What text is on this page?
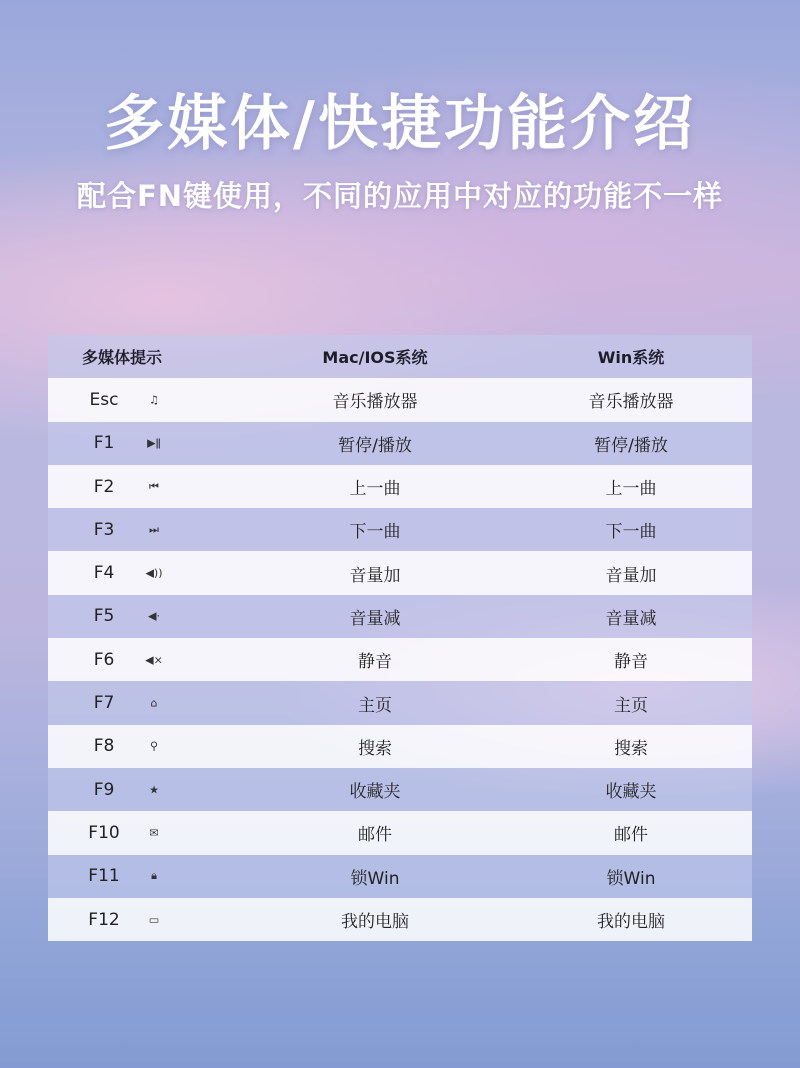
多媒体/快捷功能介绍
配合FN键使用，不同的应用中对应的功能不一样
多媒体提示	Mac/IOS系统	Win系统
Esc	♫	音乐播放器	音乐播放器
F1	▶ǁ	暂停/播放	暂停/播放
F2	⏮	上一曲	上一曲
F3	⏭	下一曲	下一曲
F4	◀))	音量加	音量加
F5	◀·	音量减	音量减
F6	◀×	静音	静音
F7	⌂	主页	主页
F8	⚲	搜索	搜索
F9	★	收藏夹	收藏夹
F10	✉	邮件	邮件
F11	🔒︎	锁Win	锁Win
F12	▭	我的电脑	我的电脑
